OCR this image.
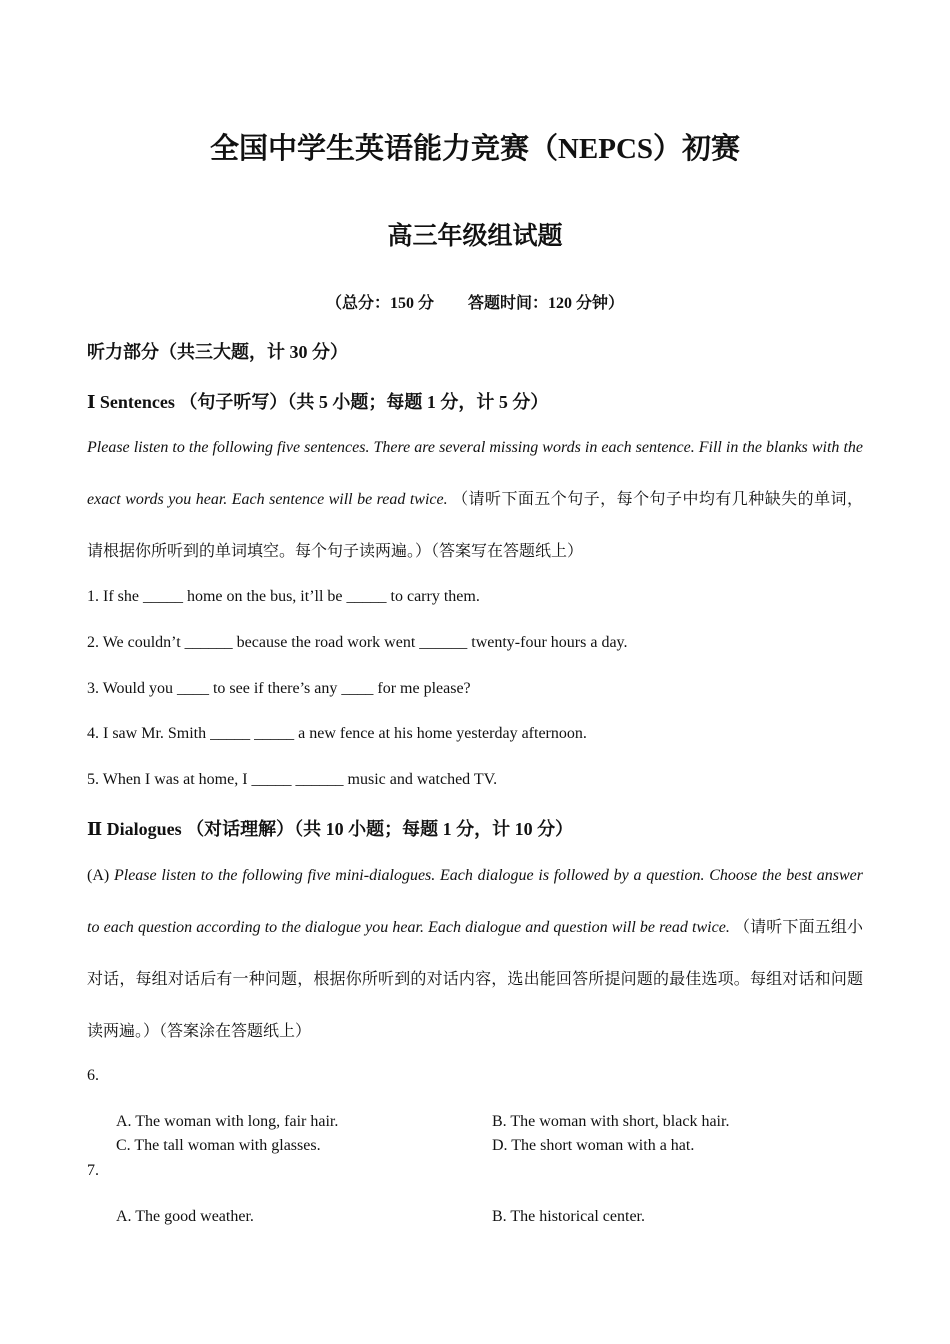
全国中学生英语能力竞赛（NEPCS）初赛
高三年级组试题
（总分：150 分 答题时间：120 分钟）
听力部分（共三大题，计 30 分）
Ⅰ Sentences （句子听写）（共 5 小题；每题 1 分，计 5 分）
Please listen to the following five sentences. There are several missing words in each sentence. Fill in the blanks with the exact words you hear. Each sentence will be read twice. （请听下面五个句子，每个句子中均有几种缺失的单词，请根据你所听到的单词填空。每个句子读两遍。）（答案写在答题纸上）
1. If she _____ home on the bus, it’ll be _____ to carry them.
2. We couldn’t ______ because the road work went ______ twenty-four hours a day.
3. Would you ____ to see if there’s any ____ for me please?
4. I saw Mr. Smith _____ _____ a new fence at his home yesterday afternoon.
5. When I was at home, I _____ ______ music and watched TV.
Ⅱ Dialogues （对话理解）（共 10 小题；每题 1 分，计 10 分）
(A) Please listen to the following five mini-dialogues. Each dialogue is followed by a question. Choose the best answer to each question according to the dialogue you hear. Each dialogue and question will be read twice. （请听下面五组小对话，每组对话后有一种问题，根据你所听到的对话内容，选出能回答所提问题的最佳选项。每组对话和问题读两遍。）（答案涂在答题纸上）
6.
A. The woman with long, fair hair.	B. The woman with short, black hair.
C. The tall woman with glasses.	D. The short woman with a hat.
7.
A. The good weather.	B. The historical center.
